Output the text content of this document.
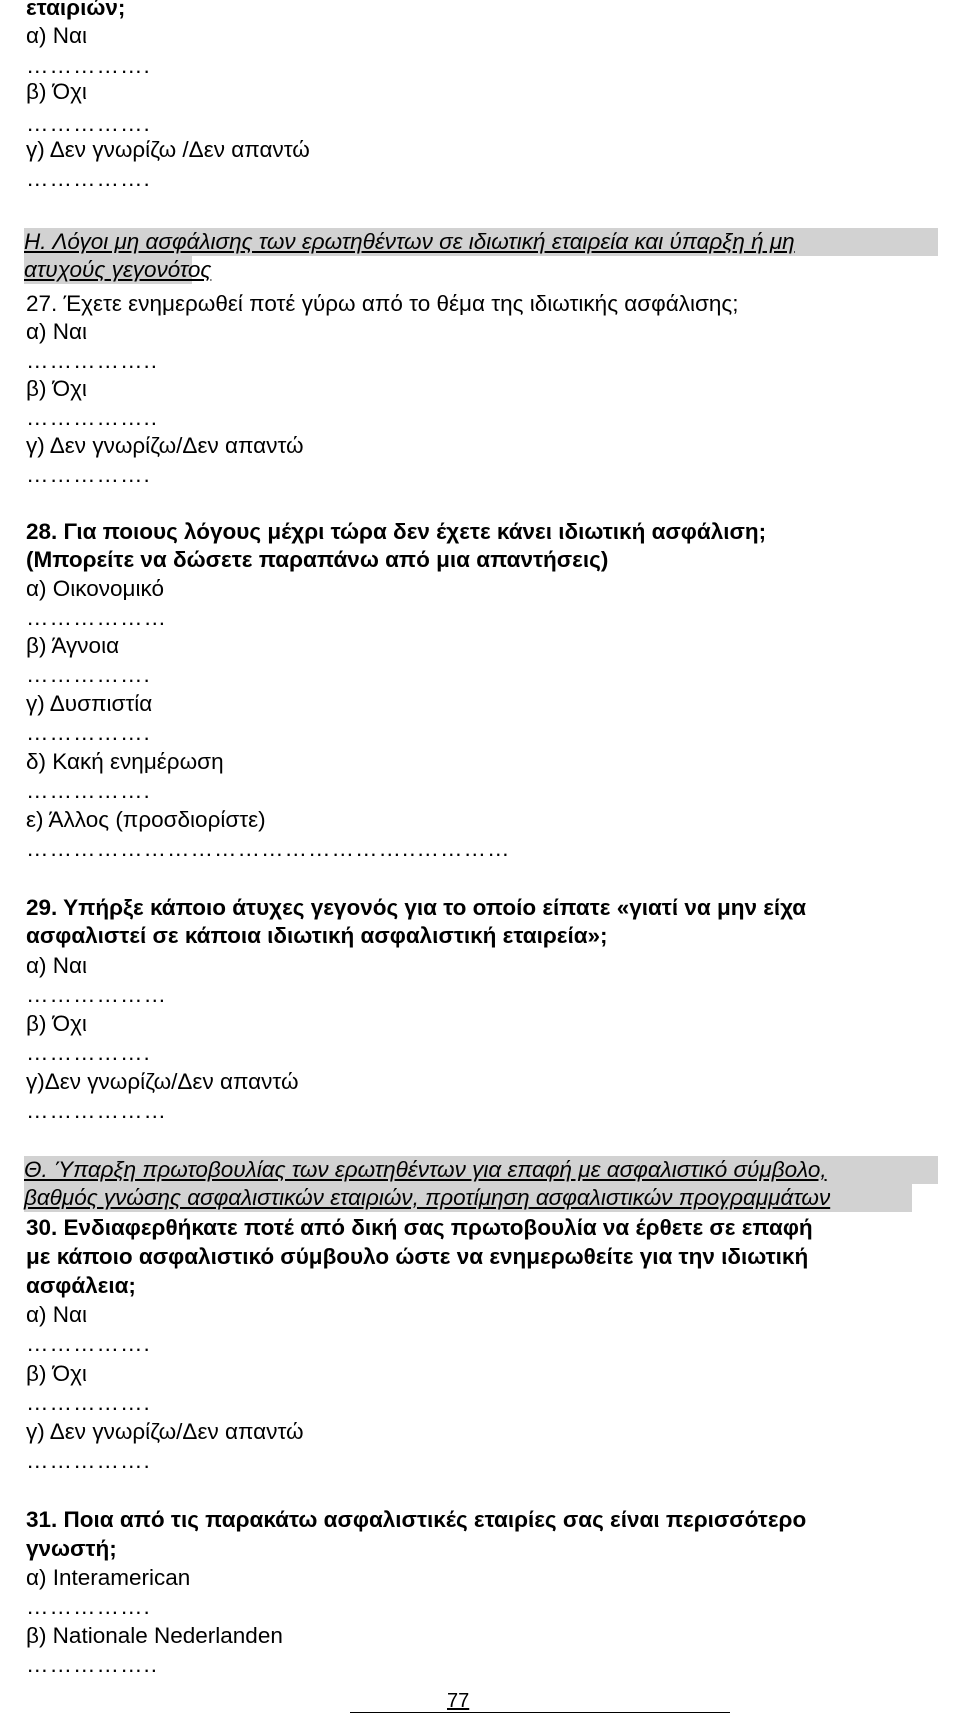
εταιριών;
α) Ναι
…………….
β) Όχι
…………….
γ) Δεν γνωρίζω /Δεν απαντώ
…………….
Η. Λόγοι μη ασφάλισης των ερωτηθέντων σε ιδιωτική εταιρεία και ύπαρξη ή μη
ατυχούς γεγονότος
27. Έχετε ενημερωθεί ποτέ γύρω από το θέμα της ιδιωτικής ασφάλισης;
α) Ναι
……………..
β) Όχι
……………..
γ) Δεν γνωρίζω/Δεν απαντώ
…………….
28. Για ποιους λόγους μέχρι τώρα δεν έχετε κάνει ιδιωτική ασφάλιση;
(Μπορείτε να δώσετε παραπάνω από μια απαντήσεις)
α) Οικονομικό
………………
β) Άγνοια
…………….
γ) Δυσπιστία
…………….
δ) Κακή ενημέρωση
…………….
ε) Άλλος (προσδιορίστε)
…………………………………………..…………
29. Υπήρξε κάποιο άτυχες γεγονός για το οποίο είπατε «γιατί να μην είχα
ασφαλιστεί σε κάποια ιδιωτική ασφαλιστική εταιρεία»;
α) Ναι
………………
β) Όχι
…………….
γ)Δεν γνωρίζω/Δεν απαντώ
………………
Θ. Ύπαρξη πρωτοβουλίας των ερωτηθέντων για επαφή με ασφαλιστικό σύμβολο,
βαθμός γνώσης ασφαλιστικών εταιριών, προτίμηση ασφαλιστικών προγραμμάτων
30. Ενδιαφερθήκατε ποτέ από δική σας πρωτοβουλία να έρθετε σε επαφή
με κάποιο ασφαλιστικό σύμβουλο ώστε να ενημερωθείτε για την ιδιωτική
ασφάλεια;
α) Ναι
…………….
β) Όχι
…………….
γ) Δεν γνωρίζω/Δεν απαντώ
…………….
31. Ποια από τις παρακάτω ασφαλιστικές εταιρίες σας είναι περισσότερο
γνωστή;
α) Interamerican
…………….
β) Nationale Nederlanden
……………..
77
